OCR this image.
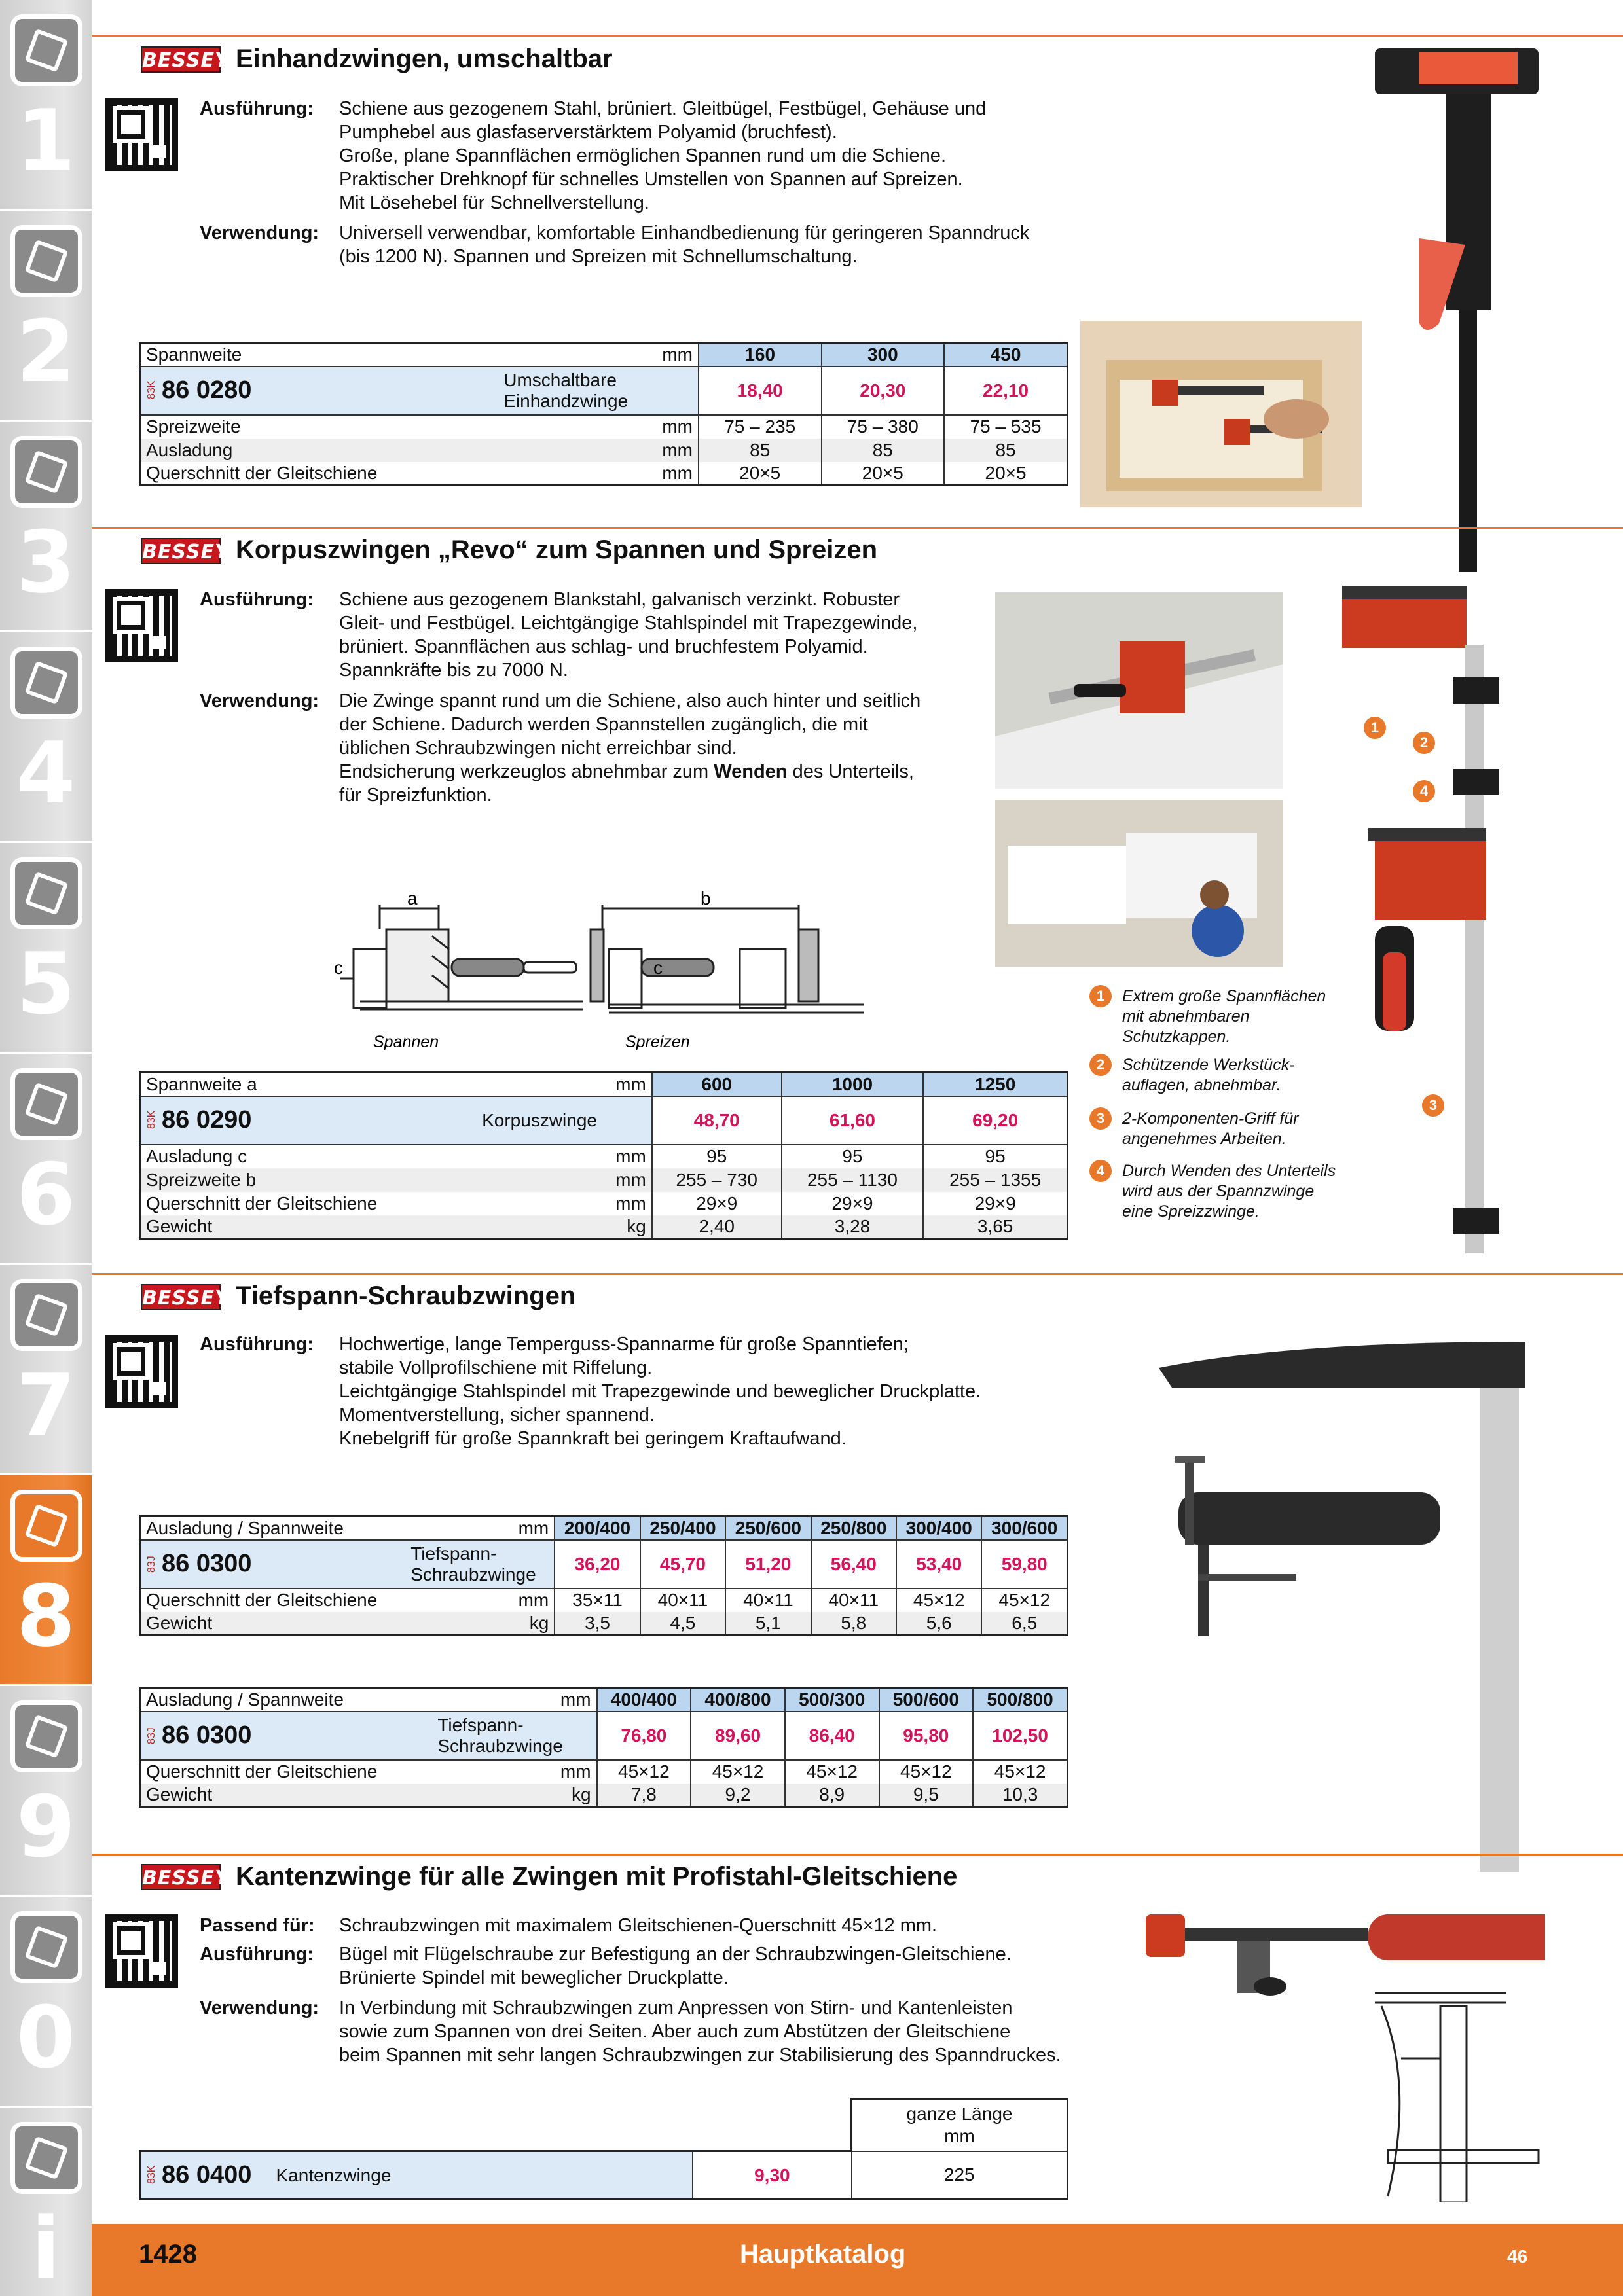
1
2
3
4
5
6
7
8
9
0
i
BESSEY Einhandzwingen, umschaltbar
Ausführung: Schiene aus gezogenem Stahl, brüniert. Gleitbügel, Festbügel, Gehäuse und
Pumphebel aus glasfaserverstärktem Polyamid (bruchfest).
Große, plane Spannflächen ermöglichen Spannen rund um die Schiene.
Praktischer Drehknopf für schnelles Umstellen von Spannen auf Spreizen.
Mit Lösehebel für Schnellverstellung.
Verwendung: Universell verwendbar, komfortable Einhandbedienung für geringeren Spanndruck
(bis 1200 N). Spannen und Spreizen mit Schnellumschaltung.
Spannweite	mm	160	300	450
83K 86 0280	Umschaltbare
Einhandzwinge	18,40	20,30	22,10
Spreizweite	mm	75 – 235	75 – 380	75 – 535
Ausladung	mm	85	85	85
Querschnitt der Gleitschiene	mm	20×5	20×5	20×5
BESSEY Korpuszwingen „Revo“ zum Spannen und Spreizen
Ausführung: Schiene aus gezogenem Blankstahl, galvanisch verzinkt. Robuster
Gleit- und Festbügel. Leichtgängige Stahlspindel mit Trapezgewinde,
brüniert. Spannflächen aus schlag- und bruchfestem Polyamid.
Spannkräfte bis zu 7000 N.
Verwendung: Die Zwinge spannt rund um die Schiene, also auch hinter und seitlich
der Schiene. Dadurch werden Spannstellen zugänglich, die mit
üblichen Schraubzwingen nicht erreichbar sind.
Endsicherung werkzeuglos abnehmbar zum Wenden des Unterteils,
für Spreizfunktion.
a	b
c	c
Spannen	Spreizen
1
2
4
3
1	Extrem große Spannflächen
mit abnehmbaren
Schutzkappen.
2	Schützende Werkstück-
auflagen, abnehmbar.
3	2-Komponenten-Griff für
angenehmes Arbeiten.
4	Durch Wenden des Unterteils
wird aus der Spannzwinge
eine Spreizzwinge.
Spannweite a	mm	600	1000	1250
83K 86 0290	Korpuszwinge	48,70	61,60	69,20
Ausladung c	mm	95	95	95
Spreizweite b	mm	255 – 730	255 – 1130	255 – 1355
Querschnitt der Gleitschiene	mm	29×9	29×9	29×9
Gewicht	kg	2,40	3,28	3,65
BESSEY Tiefspann-Schraubzwingen
Ausführung: Hochwertige, lange Temperguss-Spannarme für große Spanntiefen;
stabile Vollprofilschiene mit Riffelung.
Leichtgängige Stahlspindel mit Trapezgewinde und beweglicher Druckplatte.
Momentverstellung, sicher spannend.
Knebelgriff für große Spannkraft bei geringem Kraftaufwand.
Ausladung / Spannweite	mm	200/400	250/400	250/600	250/800	300/400	300/600
83J 86 0300	Tiefspann-
Schraubzwinge	36,20	45,70	51,20	56,40	53,40	59,80
Querschnitt der Gleitschiene	mm	35×11	40×11	40×11	40×11	45×12	45×12
Gewicht	kg	3,5	4,5	5,1	5,8	5,6	6,5
Ausladung / Spannweite	mm	400/400	400/800	500/300	500/600	500/800
83J 86 0300	Tiefspann-
Schraubzwinge	76,80	89,60	86,40	95,80	102,50
Querschnitt der Gleitschiene	mm	45×12	45×12	45×12	45×12	45×12
Gewicht	kg	7,8	9,2	8,9	9,5	10,3
BESSEY Kantenzwinge für alle Zwingen mit Profistahl-Gleitschiene
Passend für: Schraubzwingen mit maximalem Gleitschienen-Querschnitt 45×12 mm.
Ausführung: Bügel mit Flügelschraube zur Befestigung an der Schraubzwingen-Gleitschiene.
Brünierte Spindel mit beweglicher Druckplatte.
Verwendung: In Verbindung mit Schraubzwingen zum Anpressen von Stirn- und Kantenleisten
sowie zum Spannen von drei Seiten. Aber auch zum Abstützen der Gleitschiene
beim Spannen mit sehr langen Schraubzwingen zur Stabilisierung des Spanndruckes.

			ganze Länge
mm

83K 86 0400	Kantenzwinge	9,30	225
1428	Hauptkatalog	46
